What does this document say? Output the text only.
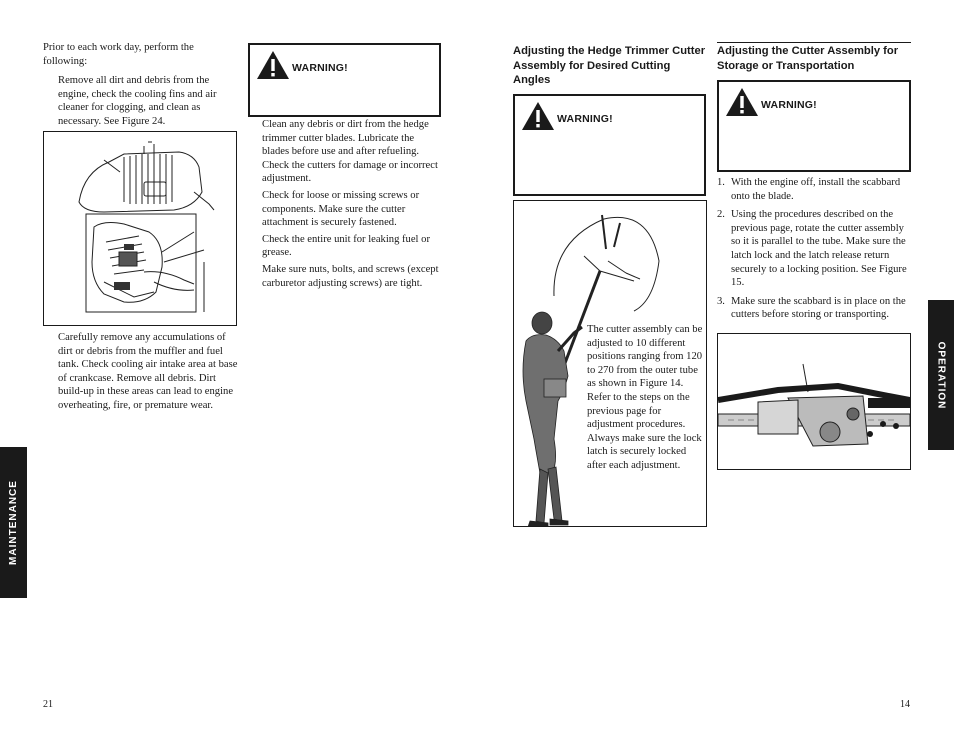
Prior to each work day, perform the following:

Remove all dirt and debris from the engine, check the cooling fins and air cleaner for clogging, and clean as necessary. See Figure 24.

Carefully remove any accumulations of dirt or debris from the muffler and fuel tank. Check cooling air intake area at base of crankcase. Remove all debris. Dirt build-up in these areas can lead to engine overheating, fire, or premature wear.

WARNING!

Clean any debris or dirt from the hedge trimmer cutter blades. Lubricate the blades before use and after refueling. Check the cutters for damage or incorrect adjustment.

Check for loose or missing screws or components. Make sure the cutter attachment is securely fastened.

Check the entire unit for leaking fuel or grease.

Make sure nuts, bolts, and screws (except carburetor adjusting screws) are tight.

MAINTENANCE
21
Adjusting the Hedge Trimmer Cutter Assembly for Desired Cutting Angles
Adjusting the Cutter Assembly for Storage or Transportation
WARNING!
WARNING!
The cutter assembly can be adjusted to 10 different positions ranging from 120 to 270 from the outer tube as shown in Figure 14. Refer to the steps on the previous page for adjustment procedures. Always make sure the lock latch is securely locked after each adjustment.
1. With the engine off, install the scabbard onto the blade.
2. Using the procedures described on the previous page, rotate the cutter assembly so it is parallel to the tube. Make sure the latch lock and the latch release return securely to a locking position. See Figure 15.
3. Make sure the scabbard is in place on the cutters before storing or transporting.
OPERATION
14
